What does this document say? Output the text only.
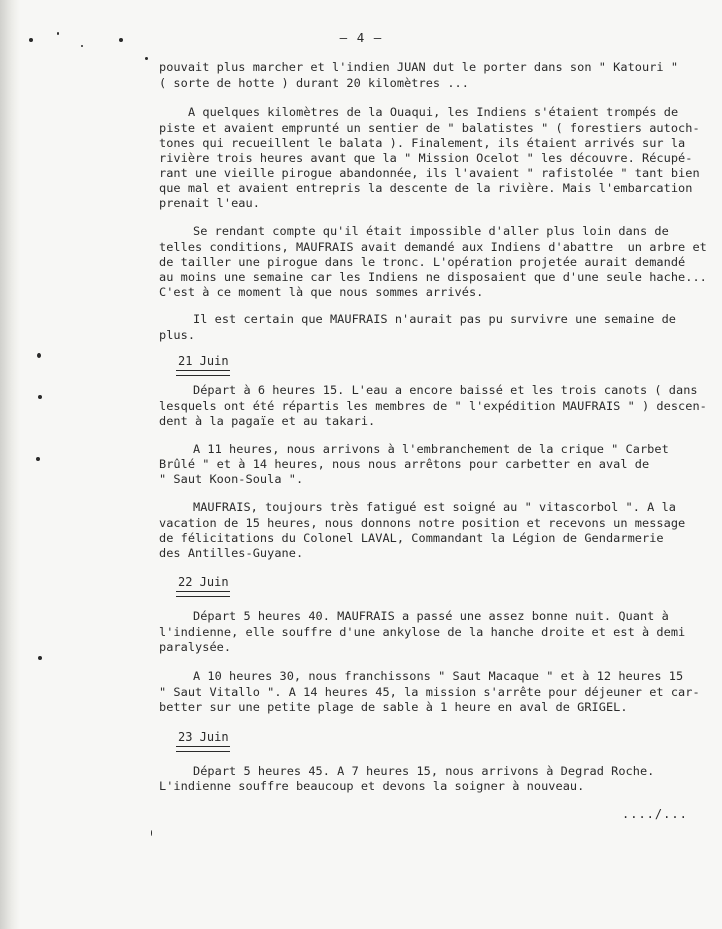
– 4 –
pouvait plus marcher et l'indien JUAN dut le porter dans son " Katouri "
( sorte de hotte ) durant 20 kilomètres ...
A quelques kilomètres de la Ouaqui, les Indiens s'étaient trompés de
piste et avaient emprunté un sentier de " balatistes " ( forestiers autoch-
tones qui recueillent le balata ). Finalement, ils étaient arrivés sur la
rivière trois heures avant que la " Mission Ocelot " les découvre. Récupé-
rant une vieille pirogue abandonnée, ils l'avaient " rafistolée " tant bien
que mal et avaient entrepris la descente de la rivière. Mais l'embarcation
prenait l'eau.
Se rendant compte qu'il était impossible d'aller plus loin dans de
telles conditions, MAUFRAIS avait demandé aux Indiens d'abattre  un arbre et
de tailler une pirogue dans le tronc. L'opération projetée aurait demandé
au moins une semaine car les Indiens ne disposaient que d'une seule hache...
C'est à ce moment là que nous sommes arrivés.
Il est certain que MAUFRAIS n'aurait pas pu survivre une semaine de
plus.
21 Juin
Départ à 6 heures 15. L'eau a encore baissé et les trois canots ( dans
lesquels ont été répartis les membres de " l'expédition MAUFRAIS " ) descen-
dent à la pagaïe et au takari.
A 11 heures, nous arrivons à l'embranchement de la crique " Carbet
Brûlé " et à 14 heures, nous nous arrêtons pour carbetter en aval de
" Saut Koon-Soula ".
MAUFRAIS, toujours très fatigué est soigné au " vitascorbol ". A la
vacation de 15 heures, nous donnons notre position et recevons un message
de félicitations du Colonel LAVAL, Commandant la Légion de Gendarmerie
des Antilles-Guyane.
22 Juin
Départ 5 heures 40. MAUFRAIS a passé une assez bonne nuit. Quant à
l'indienne, elle souffre d'une ankylose de la hanche droite et est à demi
paralysée.
A 10 heures 30, nous franchissons " Saut Macaque " et à 12 heures 15
" Saut Vitallo ". A 14 heures 45, la mission s'arrête pour déjeuner et car-
better sur une petite plage de sable à 1 heure en aval de GRIGEL.
23 Juin
Départ 5 heures 45. A 7 heures 15, nous arrivons à Degrad Roche.
L'indienne souffre beaucoup et devons la soigner à nouveau.
..../...
